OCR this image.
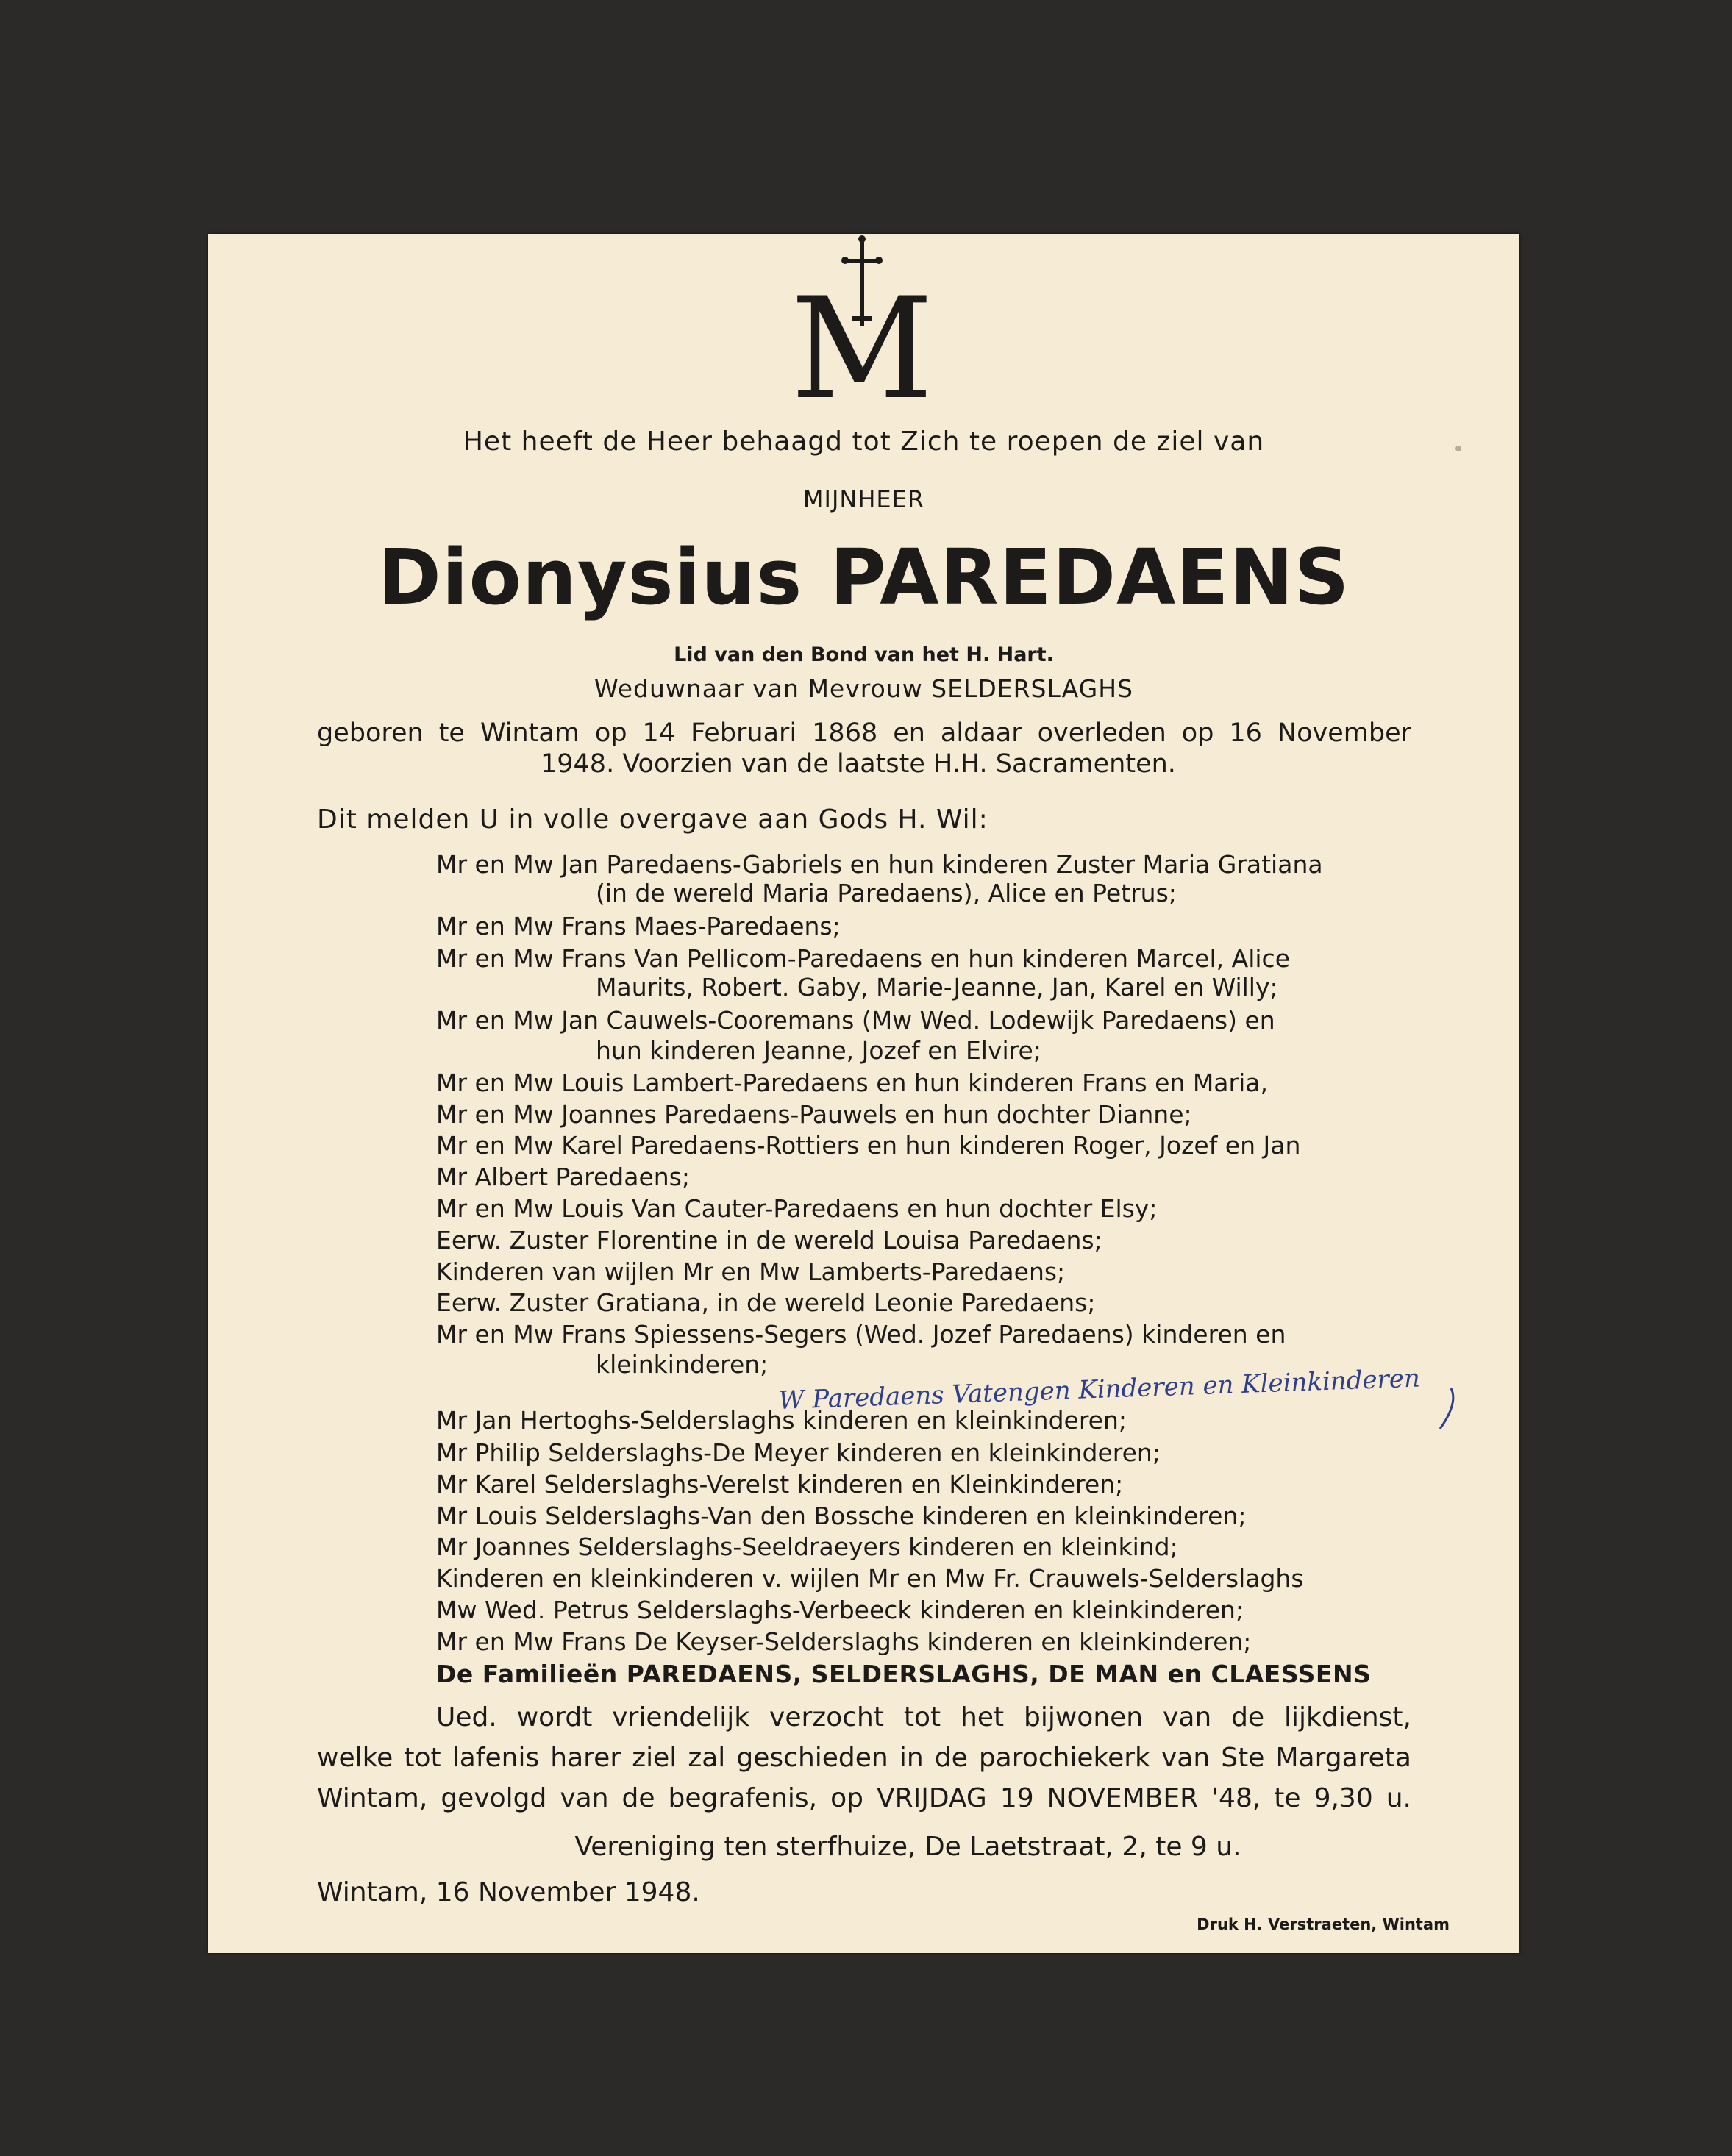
M
Het heeft de Heer behaagd tot Zich te roepen de ziel van
MIJNHEER
Dionysius PAREDAENS
Lid van den Bond van het H. Hart.
Weduwnaar van Mevrouw SELDERSLAGHS
geboren te Wintam op 14 Februari 1868 en aldaar overleden op 16 November
1948. Voorzien van de laatste H.H. Sacramenten.
Dit melden U in volle overgave aan Gods H. Wil:
Mr en Mw Jan Paredaens-Gabriels en hun kinderen Zuster Maria Gratiana
(in de wereld Maria Paredaens), Alice en Petrus;
Mr en Mw Frans Maes-Paredaens;
Mr en Mw Frans Van Pellicom-Paredaens en hun kinderen Marcel, Alice
Maurits, Robert. Gaby, Marie-Jeanne, Jan, Karel en Willy;
Mr en Mw Jan Cauwels-Cooremans (Mw Wed. Lodewijk Paredaens) en
hun kinderen Jeanne, Jozef en Elvire;
Mr en Mw Louis Lambert-Paredaens en hun kinderen Frans en Maria,
Mr en Mw Joannes Paredaens-Pauwels en hun dochter Dianne;
Mr en Mw Karel Paredaens-Rottiers en hun kinderen Roger, Jozef en Jan
Mr Albert Paredaens;
Mr en Mw Louis Van Cauter-Paredaens en hun dochter Elsy;
Eerw. Zuster Florentine in de wereld Louisa Paredaens;
Kinderen van wijlen Mr en Mw Lamberts-Paredaens;
Eerw. Zuster Gratiana, in de wereld Leonie Paredaens;
Mr en Mw Frans Spiessens-Segers (Wed. Jozef Paredaens) kinderen en
kleinkinderen; W Paredaens Vatengen Kinderen en Kleinkinderen
Mr Jan Hertoghs-Selderslaghs kinderen en kleinkinderen;
Mr Philip Selderslaghs-De Meyer kinderen en kleinkinderen;
Mr Karel Selderslaghs-Verelst kinderen en Kleinkinderen;
Mr Louis Selderslaghs-Van den Bossche kinderen en kleinkinderen;
Mr Joannes Selderslaghs-Seeldraeyers kinderen en kleinkind;
Kinderen en kleinkinderen v. wijlen Mr en Mw Fr. Crauwels-Selderslaghs
Mw Wed. Petrus Selderslaghs-Verbeeck kinderen en kleinkinderen;
Mr en Mw Frans De Keyser-Selderslaghs kinderen en kleinkinderen;
De Familieën PAREDAENS, SELDERSLAGHS, DE MAN en CLAESSENS
Ued. wordt vriendelijk verzocht tot het bijwonen van de lijkdienst,
welke tot lafenis harer ziel zal geschieden in de parochiekerk van Ste Margareta
Wintam, gevolgd van de begrafenis, op VRIJDAG 19 NOVEMBER '48, te 9,30 u.
Vereniging ten sterfhuize, De Laetstraat, 2, te 9 u.
Wintam, 16 November 1948.
Druk H. Verstraeten, Wintam
